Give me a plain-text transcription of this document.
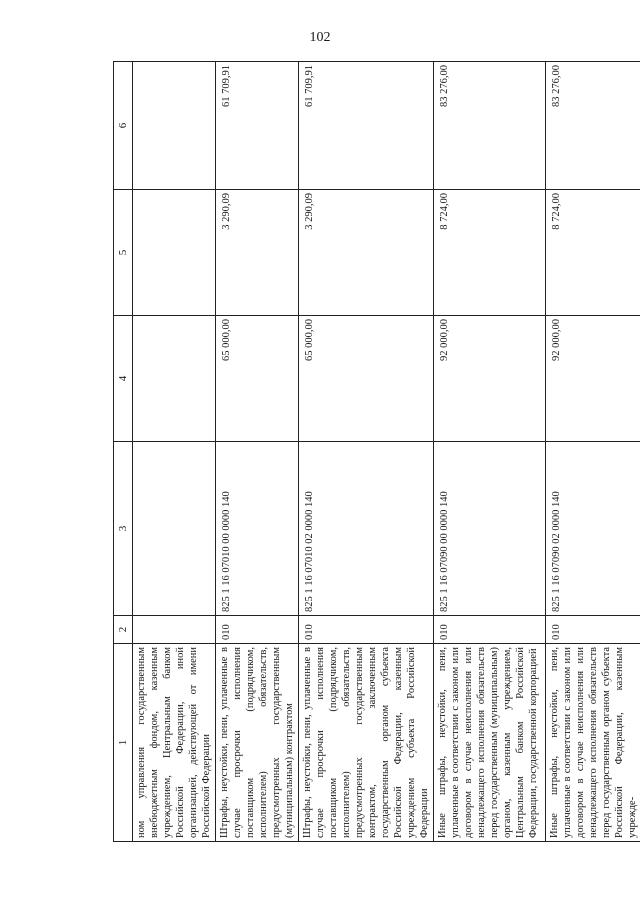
102
1	2	3	4	5	6
ном управления государственным внебюджетным фондом, казенным учреждением, Центральным банком Российской Федерации, иной организацией, действующей от имени Российской Федерации					
Штрафы, неустойки, пени, уплаченные в случае просрочки исполнения поставщиком (подрядчиком, исполнителем) обязательств, предусмотренных государственным (муниципальным) контрактом	010	825 1 16 07010 00 0000 140	65 000,00	3 290,09	61 709,91
Штрафы, неустойки, пени, уплаченные в случае просрочки исполнения поставщиком (подрядчиком, исполнителем) обязательств, предусмотренных государственным контрактом, заключенным государственным органом субъекта Российской Федерации, казенным учреждением субъекта Российской Федерации	010	825 1 16 07010 02 0000 140	65 000,00	3 290,09	61 709,91
Иные штрафы, неустойки, пени, уплаченные в соответствии с законом или договором в случае неисполнения или ненадлежащего исполнения обязательств перед государственным (муниципальным) органом, казенным учреждением, Центральным банком Российской Федерации, государственной корпорацией	010	825 1 16 07090 00 0000 140	92 000,00	8 724,00	83 276,00
Иные штрафы, неустойки, пени, уплаченные в соответствии с законом или договором в случае неисполнения или ненадлежащего исполнения обязательств перед государственным органом субъекта Российской Федерации, казенным учрежде-	010	825 1 16 07090 02 0000 140	92 000,00	8 724,00	83 276,00
